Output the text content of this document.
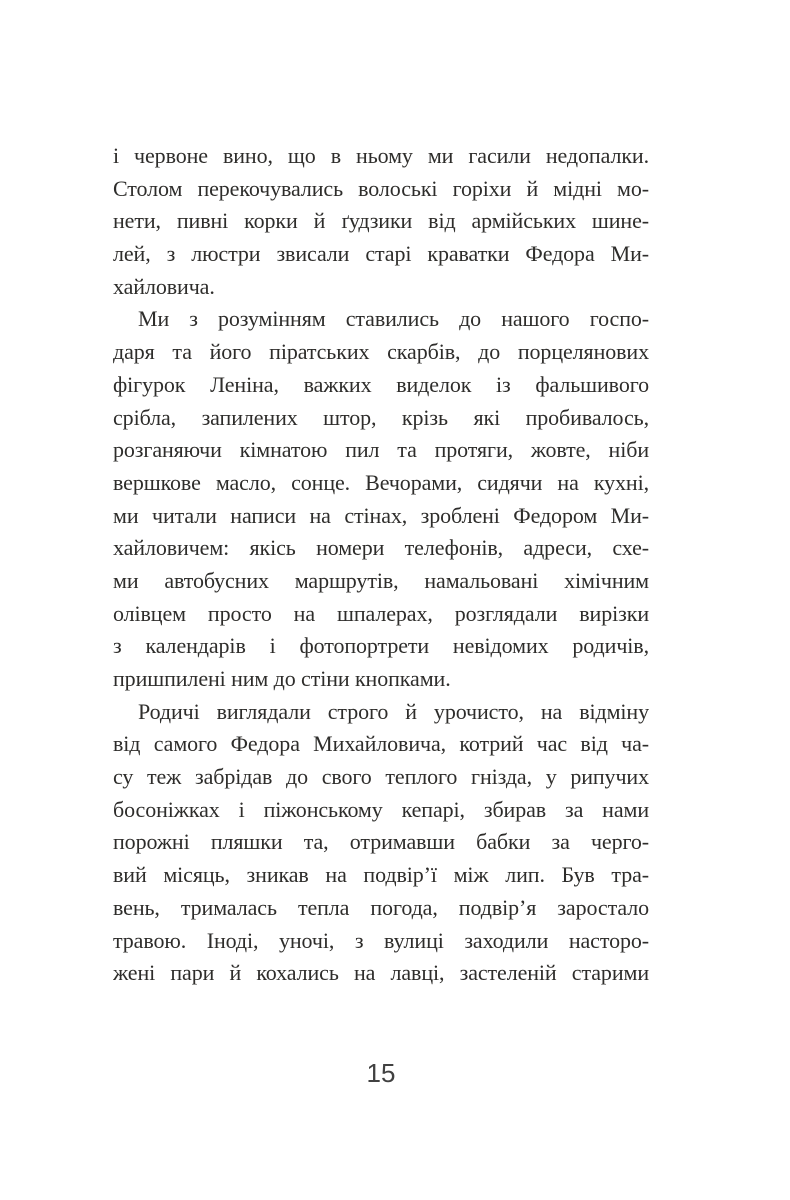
і червоне вино, що в ньому ми гасили недопалки.
Столом перекочувались волоські горіхи й мідні мо-
нети, пивні корки й ґудзики від армійських шине-
лей, з люстри звисали старі краватки Федора Ми-
хайловича.
Ми з розумінням ставились до нашого госпо-
даря та його піратських скарбів, до порцелянових
фігурок Леніна, важких виделок із фальшивого
срібла, запилених штор, крізь які пробивалось,
розганяючи кімнатою пил та протяги, жовте, ніби
вершкове масло, сонце. Вечорами, сидячи на кухні,
ми читали написи на стінах, зроблені Федором Ми-
хайловичем: якісь номери телефонів, адреси, схе-
ми автобусних маршрутів, намальовані хімічним
олівцем просто на шпалерах, розглядали вирізки
з календарів і фотопортрети невідомих родичів,
пришпилені ним до стіни кнопками.
Родичі виглядали строго й урочисто, на відміну
від самого Федора Михайловича, котрий час від ча-
су теж забрідав до свого теплого гнізда, у рипучих
босоніжках і піжонському кепарі, збирав за нами
порожні пляшки та, отримавши бабки за черго-
вий місяць, зникав на подвір’ї між лип. Був тра-
вень, трималась тепла погода, подвір’я заростало
травою. Іноді, уночі, з вулиці заходили насторо-
жені пари й кохались на лавці, застеленій старими
15
